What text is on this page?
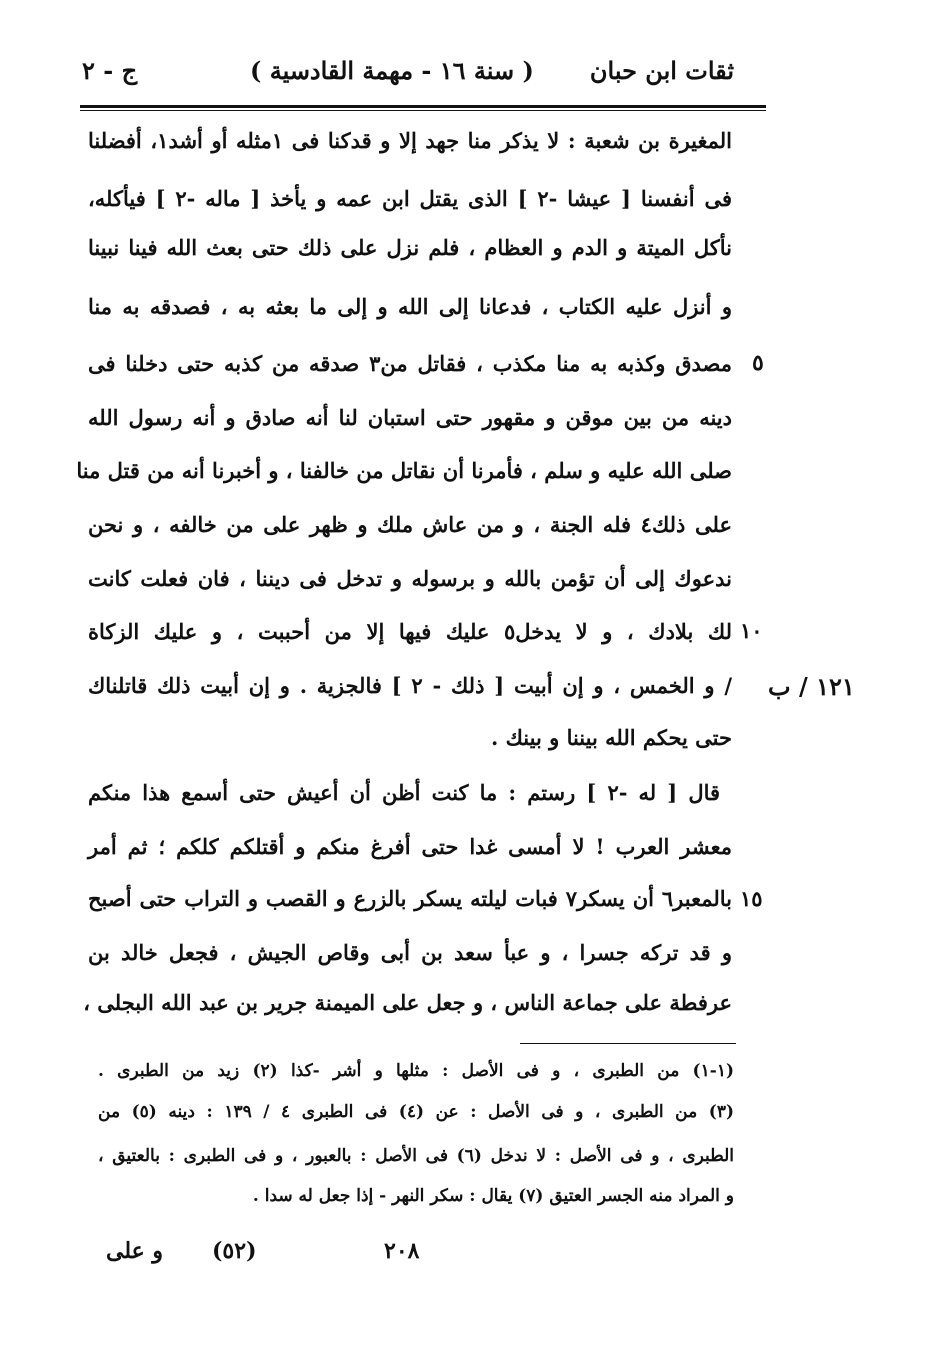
ثقات ابن حبان
( سنة ١٦ - مهمة القادسية )
ج - ٢
المغيرة بن شعبة : لا يذكر منا جهد إلا و قدكنا فى ١مثله أو أشد١، أفضلنا
فى أنفسنا [ عيشا -٢ ] الذى يقتل ابن عمه و يأخذ [ ماله -٢ ] فيأكله،
نأكل الميتة و الدم و العظام ، فلم نزل على ذلك حتى بعث الله فينا نبينا
و أنزل عليه الكتاب ، فدعانا إلى الله و إلى ما بعثه به ، فصدقه به منا
مصدق وكذبه به منا مكذب ، فقاتل من٣ صدقه من كذبه حتى دخلنا فى
دينه من بين موقن و مقهور حتى استبان لنا أنه صادق و أنه رسول الله
صلى الله عليه و سلم ، فأمرنا أن نقاتل من خالفنا ، و أخبرنا أنه من قتل منا
على ذلك٤ فله الجنة ، و من عاش ملك و ظهر على من خالفه ، و نحن
ندعوك إلى أن تؤمن بالله و برسوله و تدخل فى ديننا ، فان فعلت كانت
لك بلادك ، و لا يدخل٥ عليك فيها إلا من أحببت ، و عليك الزكاة
/ و الخمس ، و إن أبيت [ ذلك - ٢ ] فالجزية . و إن أبيت ذلك قاتلناك
حتى يحكم الله بيننا و بينك .
قال [ له -٢ ] رستم : ما كنت أظن أن أعيش حتى أسمع هذا منكم
معشر العرب ! لا أمسى غدا حتى أفرغ منكم و أقتلكم كلكم ؛ ثم أمر
بالمعبر٦ أن يسكر٧ فبات ليلته يسكر بالزرع و القصب و التراب حتى أصبح
و قد تركه جسرا ، و عبأ سعد بن أبى وقاص الجيش ، فجعل خالد بن
عرفطة على جماعة الناس ، و جعل على الميمنة جرير بن عبد الله البجلى ،
٥
١٠
١٥
١٢١ / ب
(١-١) من الطبرى ، و فى الأصل : مثلها و أشر -كذا (٢) زيد من الطبرى .
(٣) من الطبرى ، و فى الأصل : عن (٤) فى الطبرى ٤ / ١٣٩ : دينه (٥) من
الطبرى ، و فى الأصل : لا ندخل (٦) فى الأصل : بالعبور ، و فى الطبرى : بالعتيق ،
و المراد منه الجسر العتيق (٧) يقال : سكر النهر - إذا جعل له سدا .
٢٠٨
(٥٢)
و على
